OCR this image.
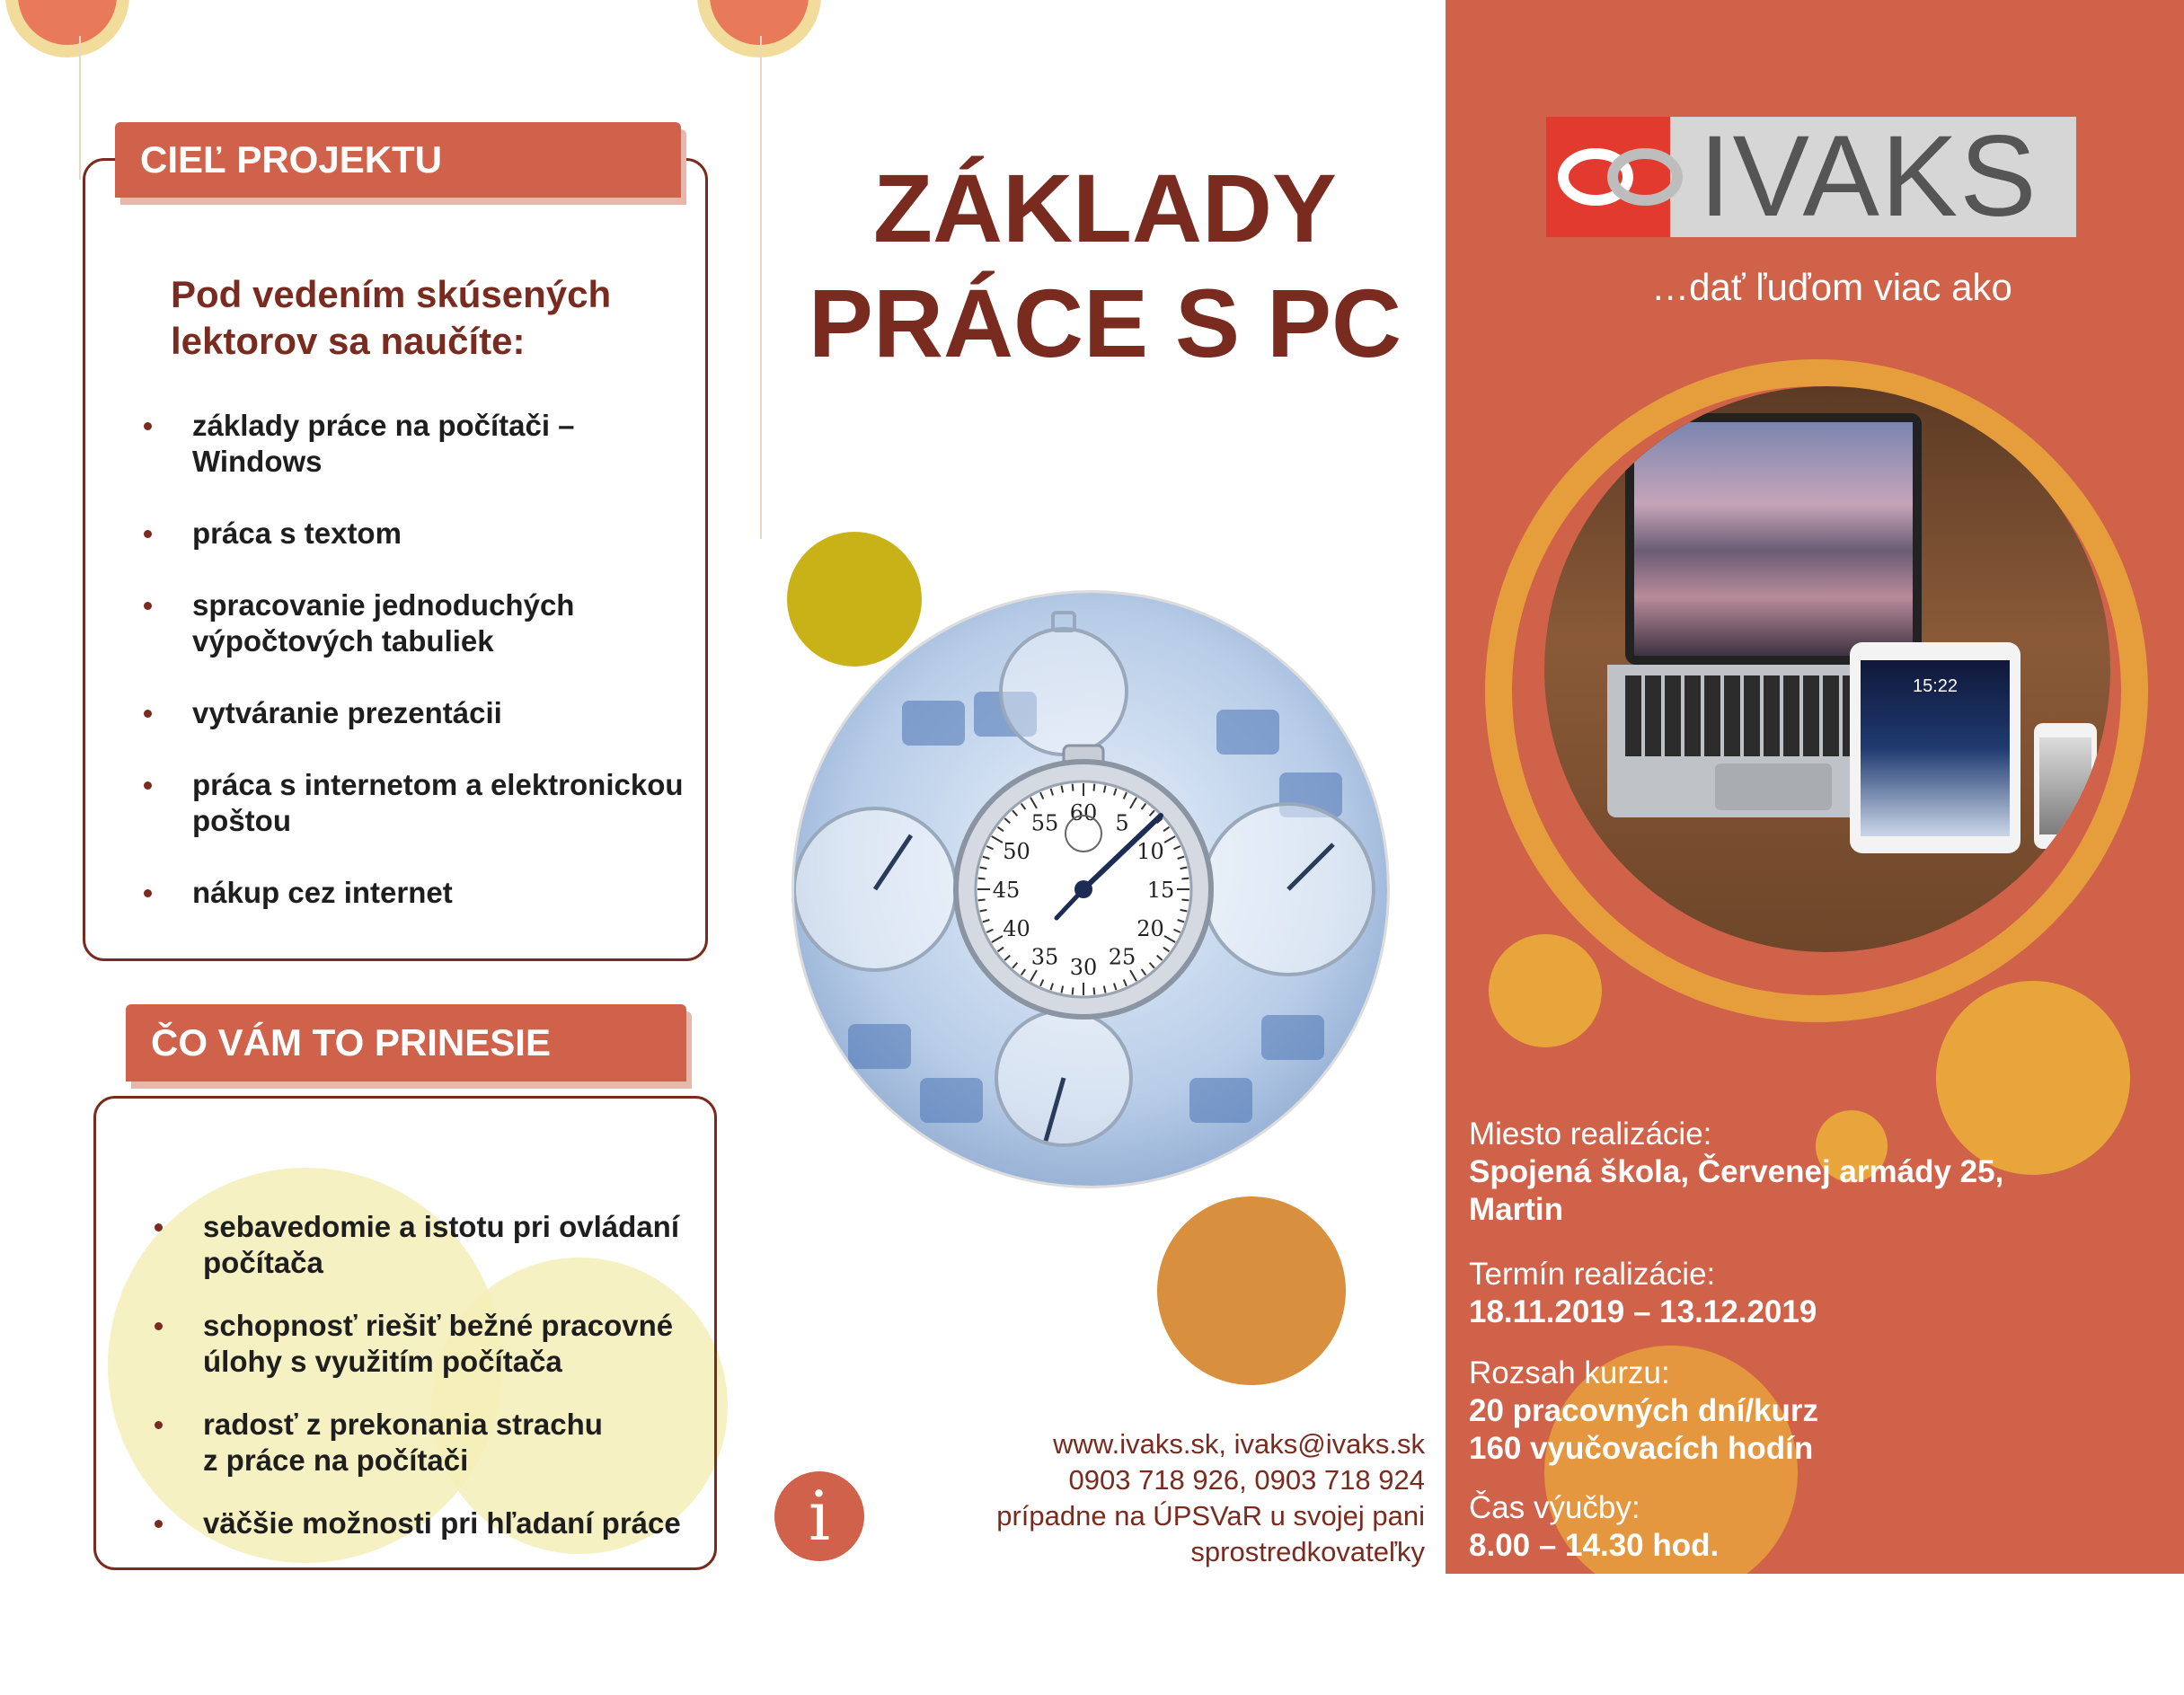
CIEĽ PROJEKTU
Pod vedením skúsených
lektorov sa naučíte:
základy práce na počítači –
Windows
práca s textom
spracovanie jednoduchých
výpočtových tabuliek
vytváranie prezentácii
práca s internetom a elektronickou
poštou
nákup cez internet
ČO VÁM TO PRINESIE
sebavedomie a istotu pri ovládaní
počítača
schopnosť riešiť bežné pracovné
úlohy s využitím počítača
radosť z prekonania strachu
z práce na počítači
väčšie možnosti pri hľadaní práce
ZÁKLADY
PRÁCE S PC
60 5
10
15
20
25
30
35
40
45
50
55
i
www.ivaks.sk, ivaks@ivaks.sk
0903 718 926, 0903 718 924
prípadne na ÚPSVaR u svojej pani
sprostredkovateľky
IVAKS
…dať ľuďom viac ako
15:22
Miesto realizácie:
Spojená škola, Červenej armády 25,
Martin
Termín realizácie:
18.11.2019 – 13.12.2019
Rozsah kurzu:
20 pracovných dní/kurz
160 vyučovacích hodín
Čas výučby:
8.00 – 14.30 hod.
